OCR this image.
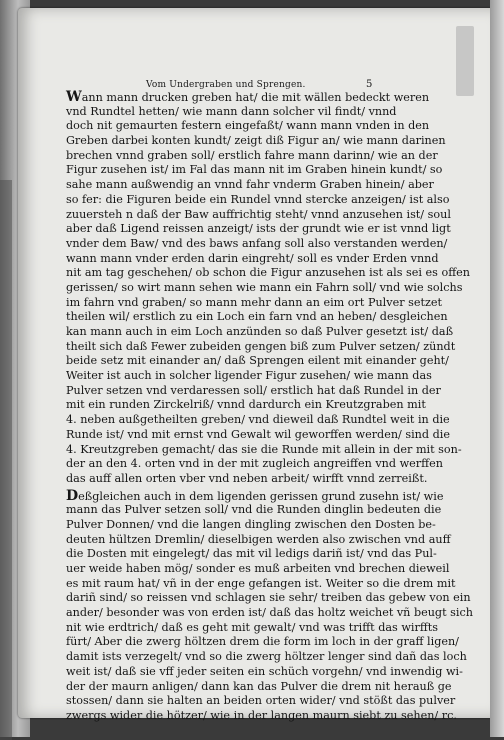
Vom Undergraben und Sprengen.	5
Wann mann drucken greben hat/ die mit wällen bedeckt weren
vnd Rundtel hetten/ wie mann dann solcher vil findt/ vnnd
doch nit gemaurten festern eingefaßt/ wann mann vnden in den
Greben darbei konten kundt/ zeigt diß Figur an/ wie mann darinen
brechen vnnd graben soll/ erstlich fahre mann darinn/ wie an der
Figur zusehen ist/ im Fal das mann nit im Graben hinein kundt/ so
sahe mann außwendig an vnnd fahr vnderm Graben hinein/ aber
so fer: die Figuren beide ein Rundel vnnd stercke anzeigen/ ist also
zuuersteh n daß der Baw auffrichtig steht/ vnnd anzusehen ist/ soul
aber daß Ligend reissen anzeigt/ ists der grundt wie er ist vnnd ligt
vnder dem Baw/ vnd des baws anfang soll also verstanden werden/
wann mann vnder erden darin eingreht/ soll es vnder Erden vnnd
nit am tag geschehen/ ob schon die Figur anzusehen ist als sei es offen
gerissen/ so wirt mann sehen wie mann ein Fahrn soll/ vnd wie solchs
im fahrn vnd graben/ so mann mehr dann an eim ort Pulver setzet
theilen wil/ erstlich zu ein Loch ein farn vnd an heben/ desgleichen
kan mann auch in eim Loch anzünden so daß Pulver gesetzt ist/ daß
theilt sich daß Fewer zubeiden gengen biß zum Pulver setzen/ zündt
beide setz mit einander an/ daß Sprengen eilent mit einander geht/
Weiter ist auch in solcher ligender Figur zusehen/ wie mann das
Pulver setzen vnd verdaressen soll/ erstlich hat daß Rundel in der
mit ein runden Zirckelriß/ vnnd dardurch ein Kreutzgraben mit
4. neben außgetheilten greben/ vnd dieweil daß Rundtel weit in die
Runde ist/ vnd mit ernst vnd Gewalt wil geworffen werden/ sind die
4. Kreutzgreben gemacht/ das sie die Runde mit allein in der mit son-
der an den 4. orten vnd in der mit zugleich angreiffen vnd werffen
das auff allen orten vber vnd neben arbeit/ wirfft vnnd zerreißt.
Deßgleichen auch in dem ligenden gerissen grund zusehn ist/ wie
mann das Pulver setzen soll/ vnd die Runden dinglin bedeuten die
Pulver Donnen/ vnd die langen dingling zwischen den Dosten be-
deuten hültzen Dremlin/ dieselbigen werden also zwischen vnd auff
die Dosten mit eingelegt/ das mit vil ledigs dariñ ist/ vnd das Pul-
uer weide haben mög/ sonder es muß arbeiten vnd brechen dieweil
es mit raum hat/ vñ in der enge gefangen ist. Weiter so die drem mit
dariñ sind/ so reissen vnd schlagen sie sehr/ treiben das gebew von ein
ander/ besonder was von erden ist/ daß das holtz weichet vñ beugt sich
nit wie erdtrich/ daß es geht mit gewalt/ vnd was trifft das wirffts
fürt/ Aber die zwerg höltzen drem die form im loch in der graff ligen/
damit ists verzegelt/ vnd so die zwerg höltzer lenger sind dañ das loch
weit ist/ daß sie vff jeder seiten ein schüch vorgehn/ vnd inwendig wi-
der der maurn anligen/ dann kan das Pulver die drem nit herauß ge
stossen/ dann sie halten an beiden orten wider/ vnd stößt das pulver
zwergs wider die hötzer/ wie in der langen maurn siebt zu sehen/ rc.
